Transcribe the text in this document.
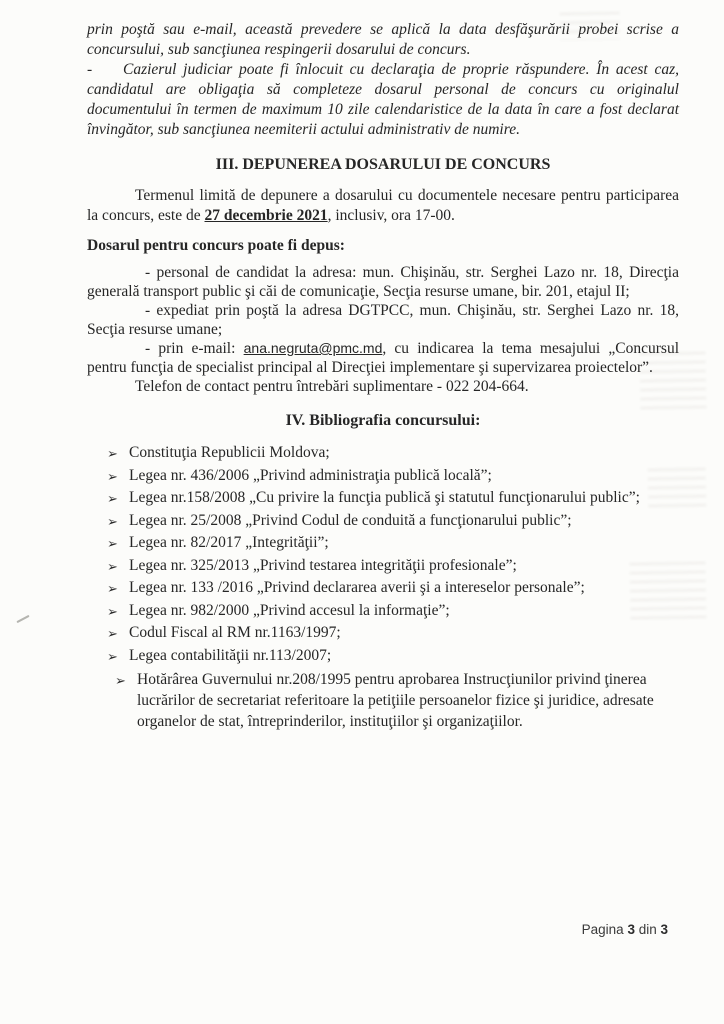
prin poştă sau e-mail, această prevedere se aplică la data desfăşurării probei scrise a concursului, sub sancţiunea respingerii dosarului de concurs.

- Cazierul judiciar poate fi înlocuit cu declaraţia de proprie răspundere. În acest caz, candidatul are obligaţia să completeze dosarul personal de concurs cu originalul documentului în termen de maximum 10 zile calendaristice de la data în care a fost declarat învingător, sub sancţiunea neemiterii actului administrativ de numire.

III. DEPUNEREA DOSARULUI DE CONCURS

Termenul limită de depunere a dosarului cu documentele necesare pentru participarea la concurs, este de 27 decembrie 2021, inclusiv, ora 17-00.

Dosarul pentru concurs poate fi depus:

- personal de candidat la adresa: mun. Chişinău, str. Serghei Lazo nr. 18, Direcţia generală transport public şi căi de comunicaţie, Secţia resurse umane, bir. 201, etajul II;

- expediat prin poştă la adresa DGTPCC, mun. Chişinău, str. Serghei Lazo nr. 18, Secţia resurse umane;

- prin e-mail: ana.negruta@pmc.md, cu indicarea la tema mesajului „Concursul pentru funcţia de specialist principal al Direcţiei implementare şi supervizarea proiectelor”.

Telefon de contact pentru întrebări suplimentare - 022 204-664.

IV. Bibliografia concursului:

➢ Constituţia Republicii Moldova;
➢ Legea nr. 436/2006 „Privind administraţia publică locală”;
➢ Legea nr.158/2008 „Cu privire la funcţia publică şi statutul funcţionarului public”;
➢ Legea nr. 25/2008 „Privind Codul de conduită a funcţionarului public”;
➢ Legea nr. 82/2017 „Integrităţii”;
➢ Legea nr. 325/2013 „Privind testarea integrităţii profesionale”;
➢ Legea nr. 133 /2016 „Privind declararea averii şi a intereselor personale”;
➢ Legea nr. 982/2000 „Privind accesul la informaţie”;
➢ Codul Fiscal al RM nr.1163/1997;
➢ Legea contabilităţii nr.113/2007;
➢ Hotărârea Guvernului nr.208/1995 pentru aprobarea Instrucţiunilor privind ţinerea lucrărilor de secretariat referitoare la petiţiile persoanelor fizice şi juridice, adresate organelor de stat, întreprinderilor, instituţiilor şi organizaţiilor.
Pagina 3 din 3
